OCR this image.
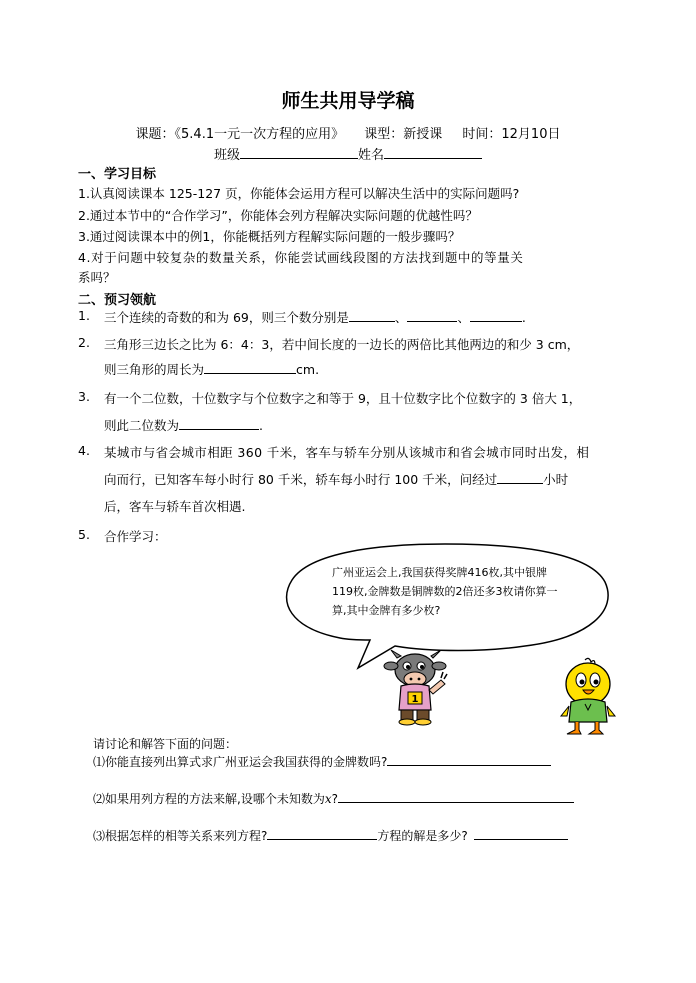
师生共用导学稿
课题：《5.4.1一元一次方程的应用》 课型：新授课 时间：12月10日
班级	姓名
一、学习目标
1.认真阅读课本 125-127 页，你能体会运用方程可以解决生活中的实际问题吗?
2.通过本节中的“合作学习”，你能体会列方程解决实际问题的优越性吗？
3.通过阅读课本中的例1，你能概括列方程解实际问题的一般步骤吗？
4.对于问题中较复杂的数量关系，你能尝试画线段图的方法找到题中的等量关
系吗？
二、预习领航
1. 三个连续的奇数的和为 69，则三个数分别是	、	、	.
2. 三角形三边长之比为 6：4：3，若中间长度的一边长的两倍比其他两边的和少 3 cm，
则三角形的周长为	cm.
3. 有一个二位数，十位数字与个位数字之和等于 9，且十位数字比个位数字的 3 倍大 1，
则此二位数为	.
4. 某城市与省会城市相距 360 千米，客车与轿车分别从该城市和省会城市同时出发，相
向而行，已知客车每小时行 80 千米，轿车每小时行 100 千米，问经过	小时
后，客车与轿车首次相遇.
5. 合作学习：
广州亚运会上,我国获得奖牌416枚,其中银牌119枚,金牌数是铜牌数的2倍还多3枚请你算一算,其中金牌有多少枚?
1
请讨论和解答下面的问题：
⑴你能直接列出算式求广州亚运会我国获得的金牌数吗?
⑵如果用列方程的方法来解,设哪个未知数为x?
⑶根据怎样的相等关系来列方程?	方程的解是多少?
